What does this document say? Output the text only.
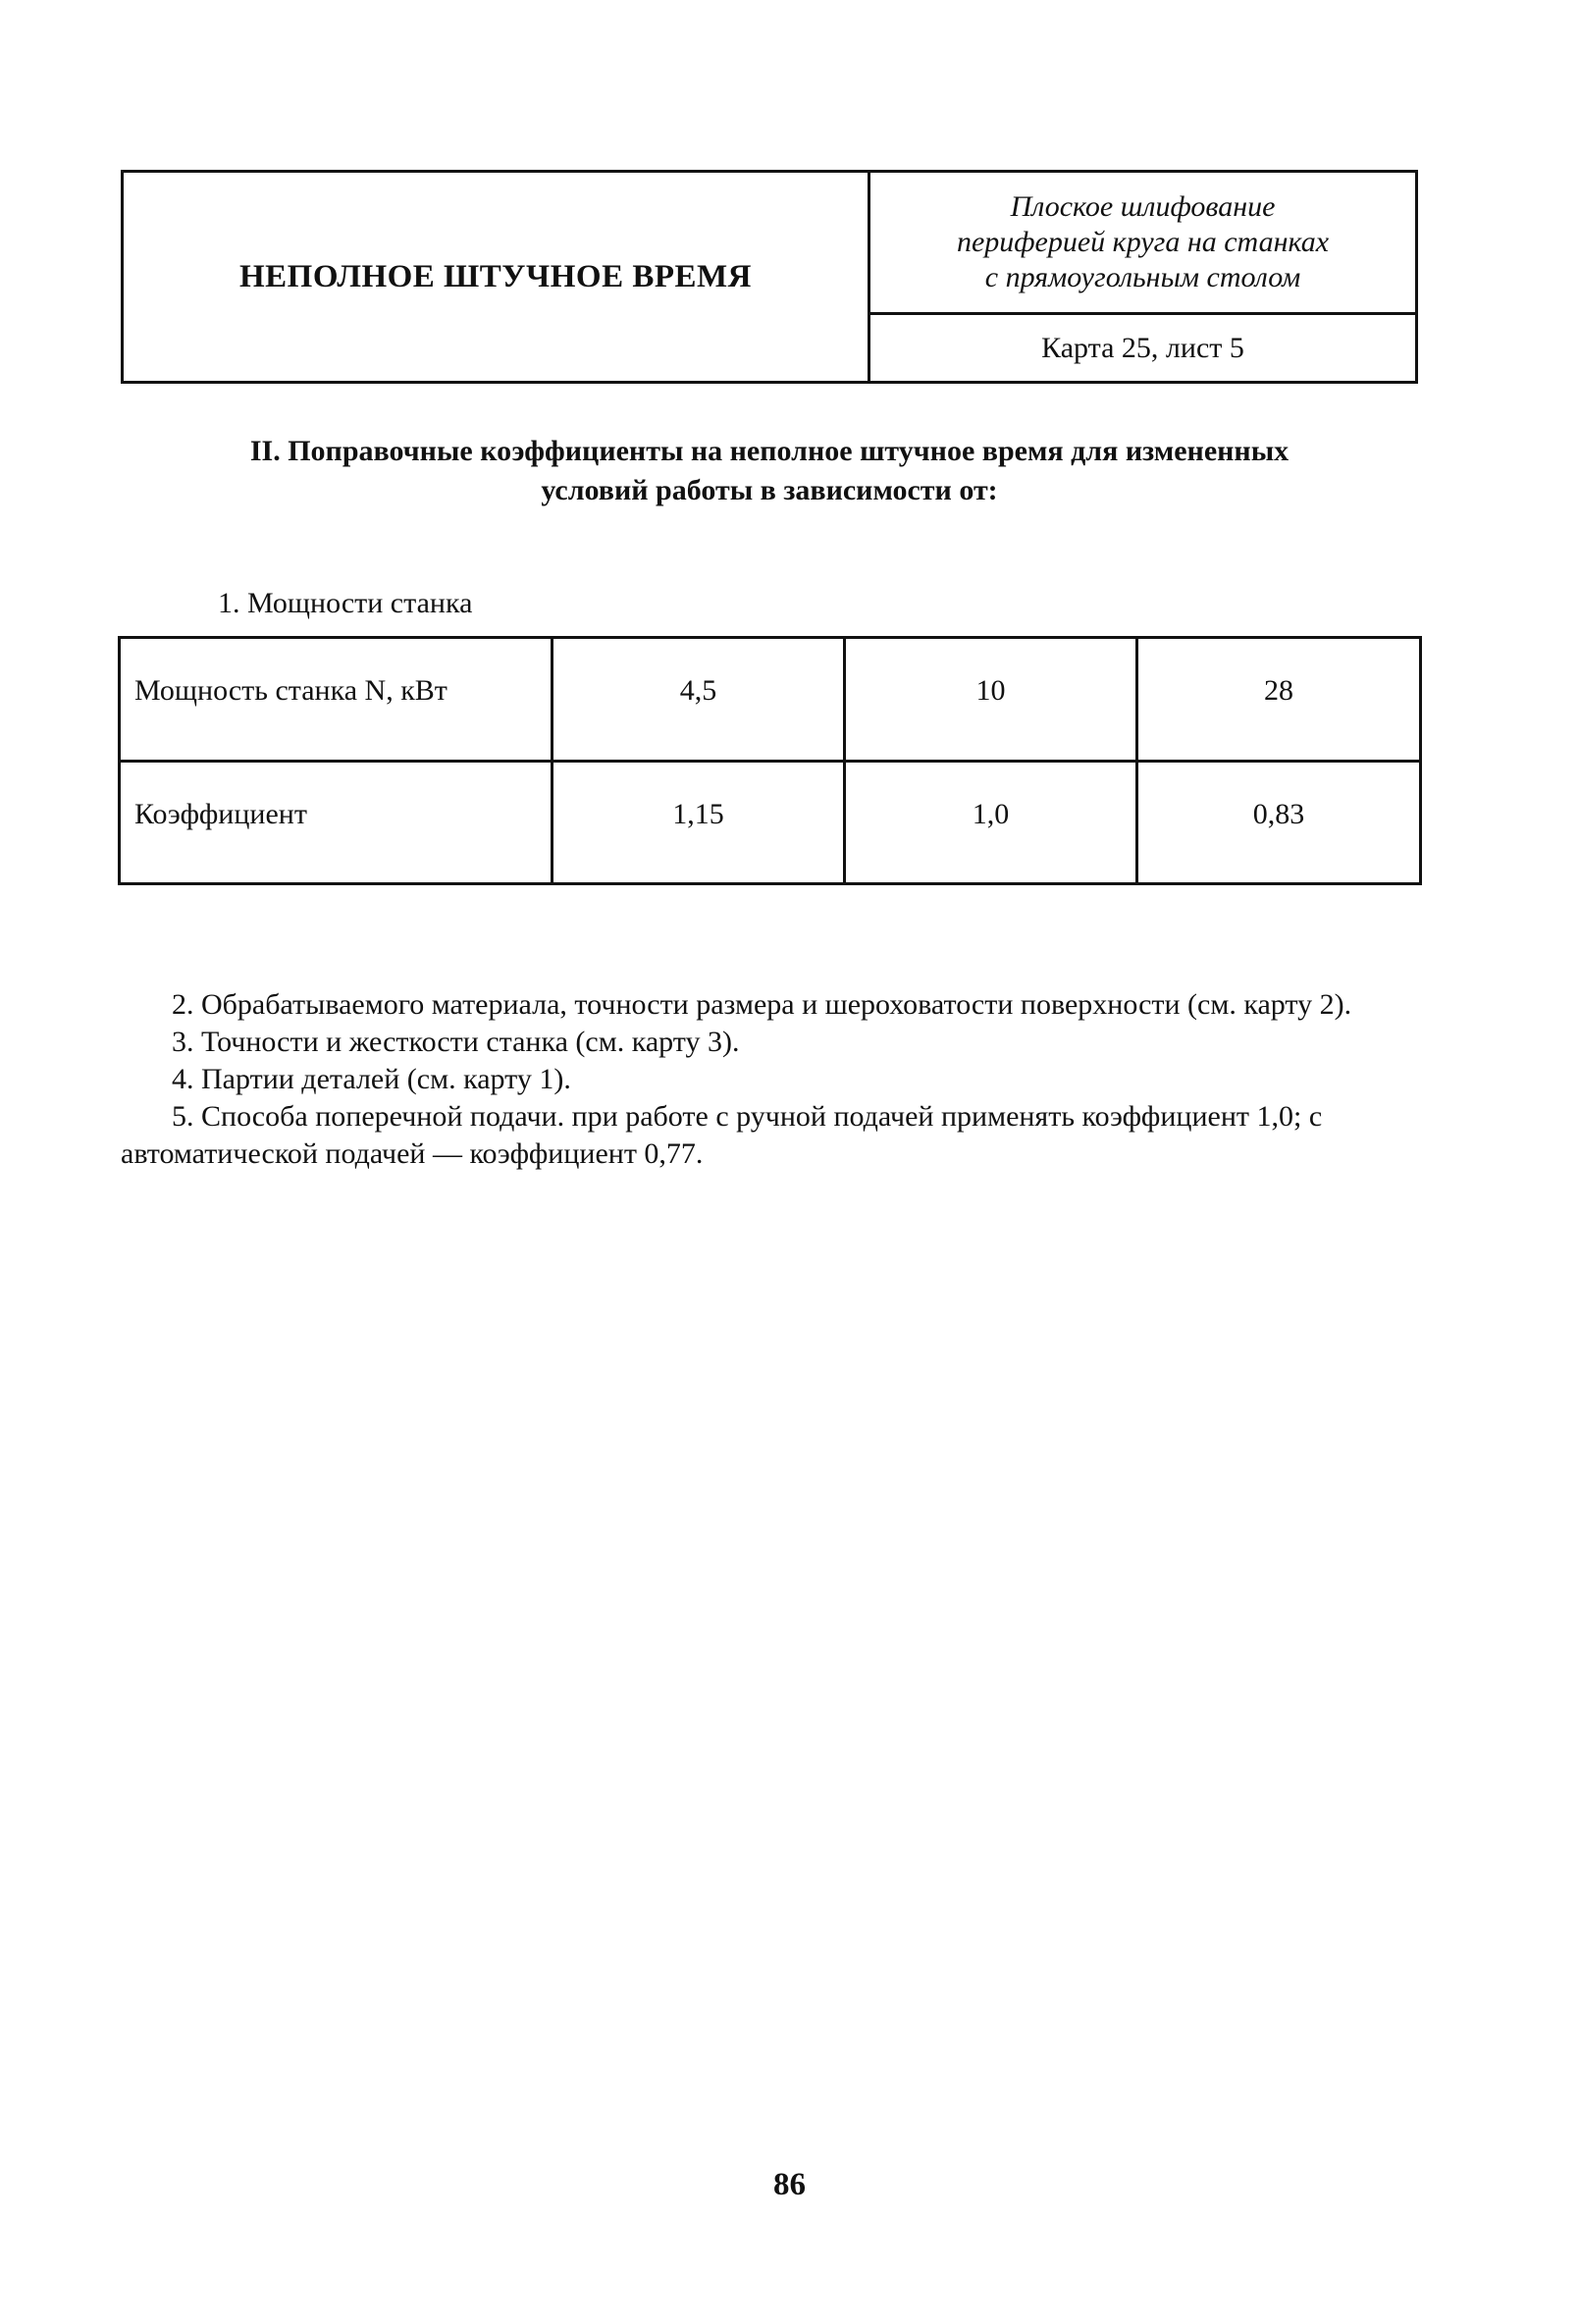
НЕПОЛНОЕ ШТУЧНОЕ ВРЕМЯ
Плоское шлифование
периферией круга на станках
с прямоугольным столом
Карта 25, лист 5
II. Поправочные коэффициенты на неполное штучное время для измененных
условий работы в зависимости от:
1. Мощности станка
Мощность станка N, кВт	4,5	10	28
Коэффициент	1,15	1,0	0,83

2. Обрабатываемого материала, точности размера и шероховатости поверхности (см. карту 2).

3. Точности и жесткости станка (см. карту 3).

4. Партии деталей (см. карту 1).

5. Способа поперечной подачи. при работе с ручной подачей применять коэффициент 1,0; с автоматической подачей — коэффициент 0,77.

86
